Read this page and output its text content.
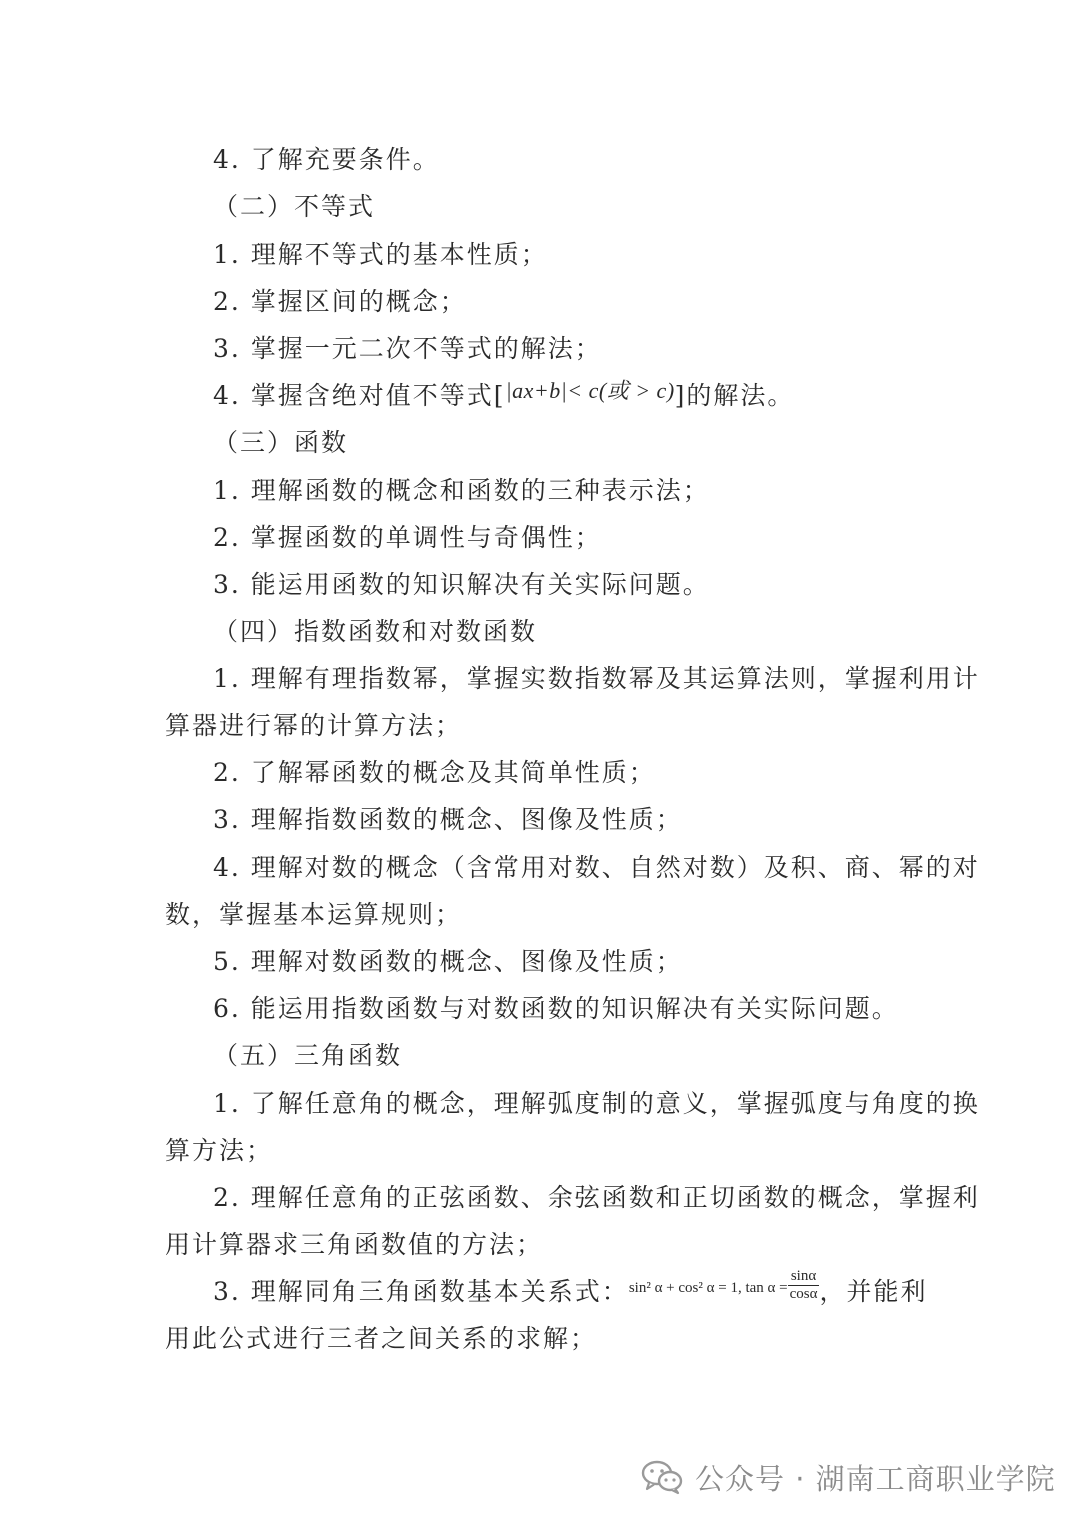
4. 了解充要条件。

（二）不等式

1. 理解不等式的基本性质；

2. 掌握区间的概念；

3. 掌握一元二次不等式的解法；

4. 掌握含绝对值不等式[|ax+b|< c(或 > c)]的解法。

（三）函数

1. 理解函数的概念和函数的三种表示法；

2. 掌握函数的单调性与奇偶性；

3. 能运用函数的知识解决有关实际问题。

（四）指数函数和对数函数

1. 理解有理指数幂，掌握实数指数幂及其运算法则，掌握利用计

算器进行幂的计算方法；

2. 了解幂函数的概念及其简单性质；

3. 理解指数函数的概念、图像及性质；

4. 理解对数的概念（含常用对数、自然对数）及积、商、幂的对

数，掌握基本运算规则；

5. 理解对数函数的概念、图像及性质；

6. 能运用指数函数与对数函数的知识解决有关实际问题。

（五）三角函数

1. 了解任意角的概念，理解弧度制的意义，掌握弧度与角度的换

算方法；

2. 理解任意角的正弦函数、余弦函数和正切函数的概念，掌握利

用计算器求三角函数值的方法；

3. 理解同角三角函数基本关系式：$^{sin^2 \alpha + cos^2 \alpha = 1, tan \alpha =} \frac{\sin\alpha}{\cos\alpha}$ ，并能利

用此公式进行三者之间关系的求解；

公众号 · 湖南工商职业学院
